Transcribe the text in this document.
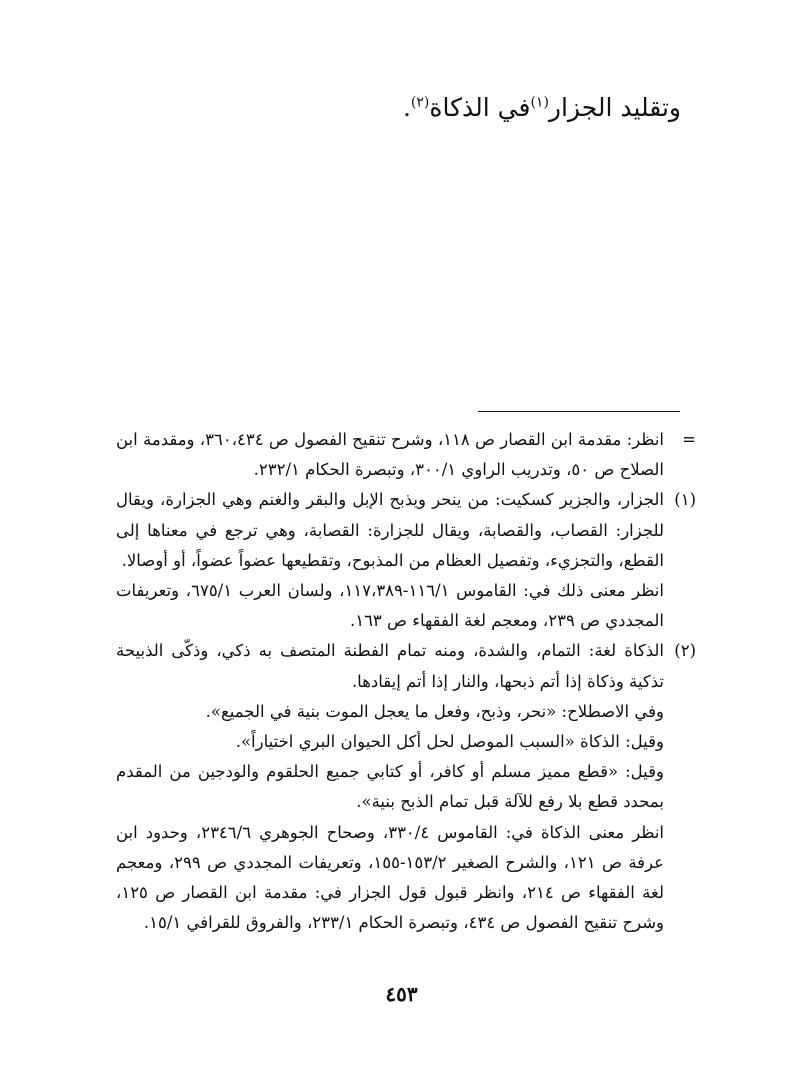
وتقليد الجزار$^{(١)}$في الذكاة$^{(٢)}$.

=

انظر: مقدمة ابن القصار ص ١١٨، وشرح تنقيح الفصول ص ٣٦٠،٤٣٤، ومقدمة ابن الصلاح ص ٥٠، وتدريب الراوي ٣٠٠/١، وتبصرة الحكام ٢٣٢/١.

(١)

الجزار، والجزير كسكيت: من ينحر ويذبح الإبل والبقر والغنم وهي الجزارة، ويقال للجزار: القصاب، والقصابة، ويقال للجزارة: القصابة، وهي ترجع في معناها إلى القطع، والتجزيء، وتفصيل العظام من المذبوح، وتقطيعها عضواً عضواً، أو أوصالا.

انظر معنى ذلك في: القاموس ١١٦/١-١١٧،٣٨٩، ولسان العرب ٦٧٥/١، وتعريفات المجددي ص ٢٣٩، ومعجم لغة الفقهاء ص ١٦٣.

(٢)

الذكاة لغة: التمام، والشدة، ومنه تمام الفطنة المتصف به ذكي، وذكّى الذبيحة تذكية وذكاة إذا أتم ذبحها، والنار إذا أتم إيقادها.

وفي الاصطلاح: «نحر، وذبح، وفعل ما يعجل الموت بنية في الجميع».

وقيل: الذكاة «السبب الموصل لحل أكل الحيوان البري اختياراً».

وقيل: «قطع مميز مسلم أو كافر، أو كتابي جميع الحلقوم والودجين من المقدم بمحدد قطع بلا رفع للآلة قبل تمام الذبح بنية».

انظر معنى الذكاة في: القاموس ٣٣٠/٤، وصحاح الجوهري ٢٣٤٦/٦، وحدود ابن عرفة ص ١٢١، والشرح الصغير ١٥٣/٢-١٥٥، وتعريفات المجددي ص ٢٩٩، ومعجم لغة الفقهاء ص ٢١٤، وانظر قبول قول الجزار في: مقدمة ابن القصار ص ١٢٥، وشرح تنقيح الفصول ص ٤٣٤، وتبصرة الحكام ٢٣٣/١، والفروق للقرافي ١٥/١.

٤٥٣
